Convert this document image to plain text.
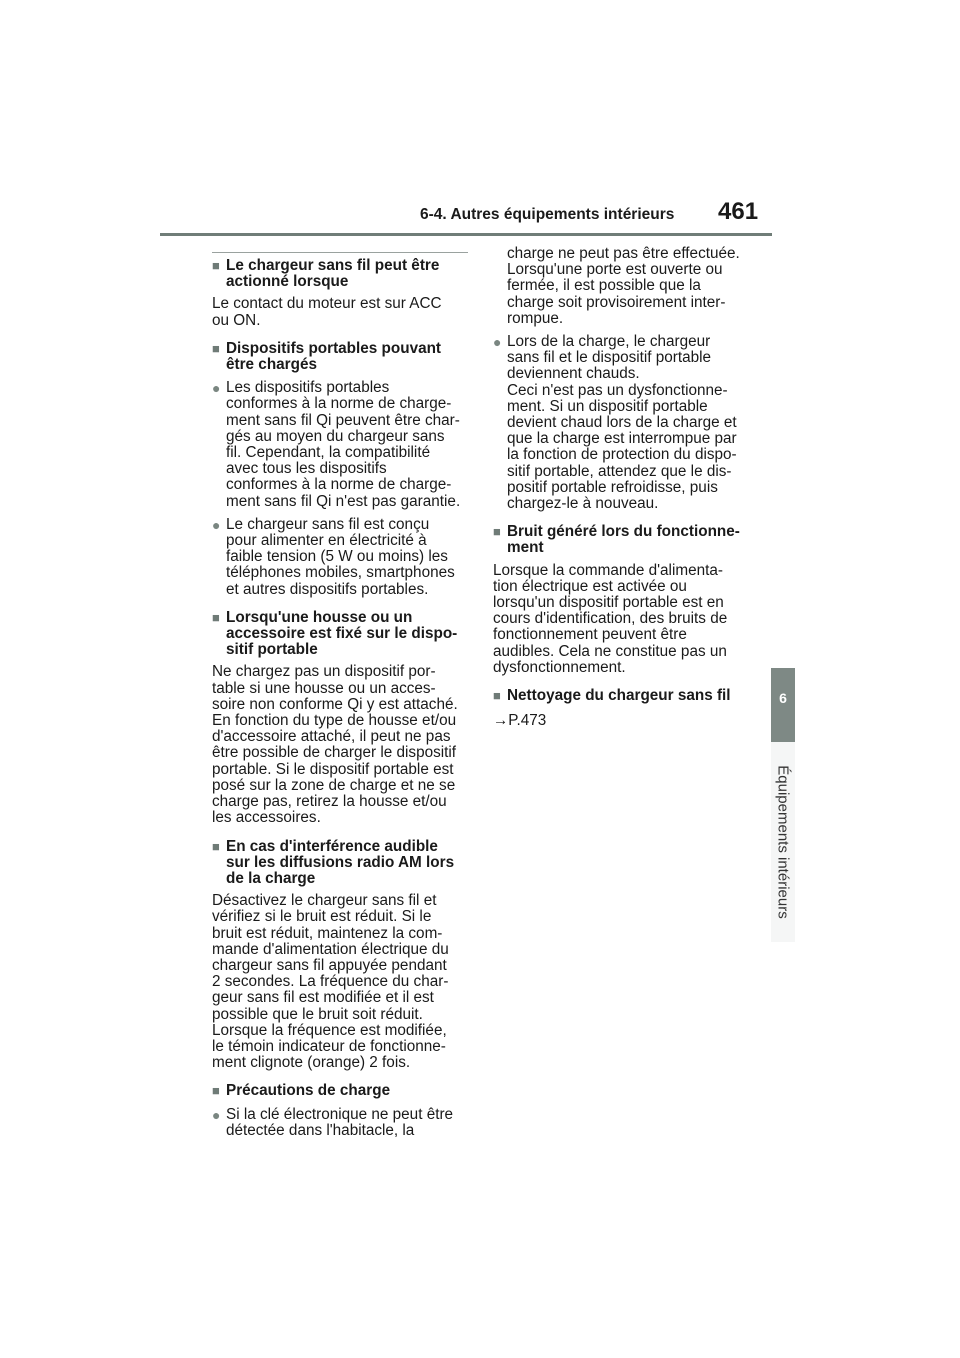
6-4. Autres équipements intérieurs	461
6
Équipements intérieurs
■ Le chargeur sans fil peut être
actionné lorsque
Le contact du moteur est sur ACC
ou ON.
■ Dispositifs portables pouvant
être chargés
● Les dispositifs portables
conformes à la norme de charge-
ment sans fil Qi peuvent être char-
gés au moyen du chargeur sans
fil. Cependant, la compatibilité
avec tous les dispositifs
conformes à la norme de charge-
ment sans fil Qi n'est pas garantie.
● Le chargeur sans fil est conçu
pour alimenter en électricité à
faible tension (5 W ou moins) les
téléphones mobiles, smartphones
et autres dispositifs portables.
■ Lorsqu'une housse ou un
accessoire est fixé sur le dispo-
sitif portable
Ne chargez pas un dispositif por-
table si une housse ou un acces-
soire non conforme Qi y est attaché.
En fonction du type de housse et/ou
d'accessoire attaché, il peut ne pas
être possible de charger le dispositif
portable. Si le dispositif portable est
posé sur la zone de charge et ne se
charge pas, retirez la housse et/ou
les accessoires.
■ En cas d'interférence audible
sur les diffusions radio AM lors
de la charge
Désactivez le chargeur sans fil et
vérifiez si le bruit est réduit. Si le
bruit est réduit, maintenez la com-
mande d'alimentation électrique du
chargeur sans fil appuyée pendant
2 secondes. La fréquence du char-
geur sans fil est modifiée et il est
possible que le bruit soit réduit.
Lorsque la fréquence est modifiée,
le témoin indicateur de fonctionne-
ment clignote (orange) 2 fois.
■ Précautions de charge
● Si la clé électronique ne peut être
détectée dans l'habitacle, la
charge ne peut pas être effectuée.
Lorsqu'une porte est ouverte ou
fermée, il est possible que la
charge soit provisoirement inter-
rompue.
● Lors de la charge, le chargeur
sans fil et le dispositif portable
deviennent chauds.
Ceci n'est pas un dysfonctionne-
ment. Si un dispositif portable
devient chaud lors de la charge et
que la charge est interrompue par
la fonction de protection du dispo-
sitif portable, attendez que le dis-
positif portable refroidisse, puis
chargez-le à nouveau.
■ Bruit généré lors du fonctionne-
ment
Lorsque la commande d'alimenta-
tion électrique est activée ou
lorsqu'un dispositif portable est en
cours d'identification, des bruits de
fonctionnement peuvent être
audibles. Cela ne constitue pas un
dysfonctionnement.
■ Nettoyage du chargeur sans fil
→P.473
